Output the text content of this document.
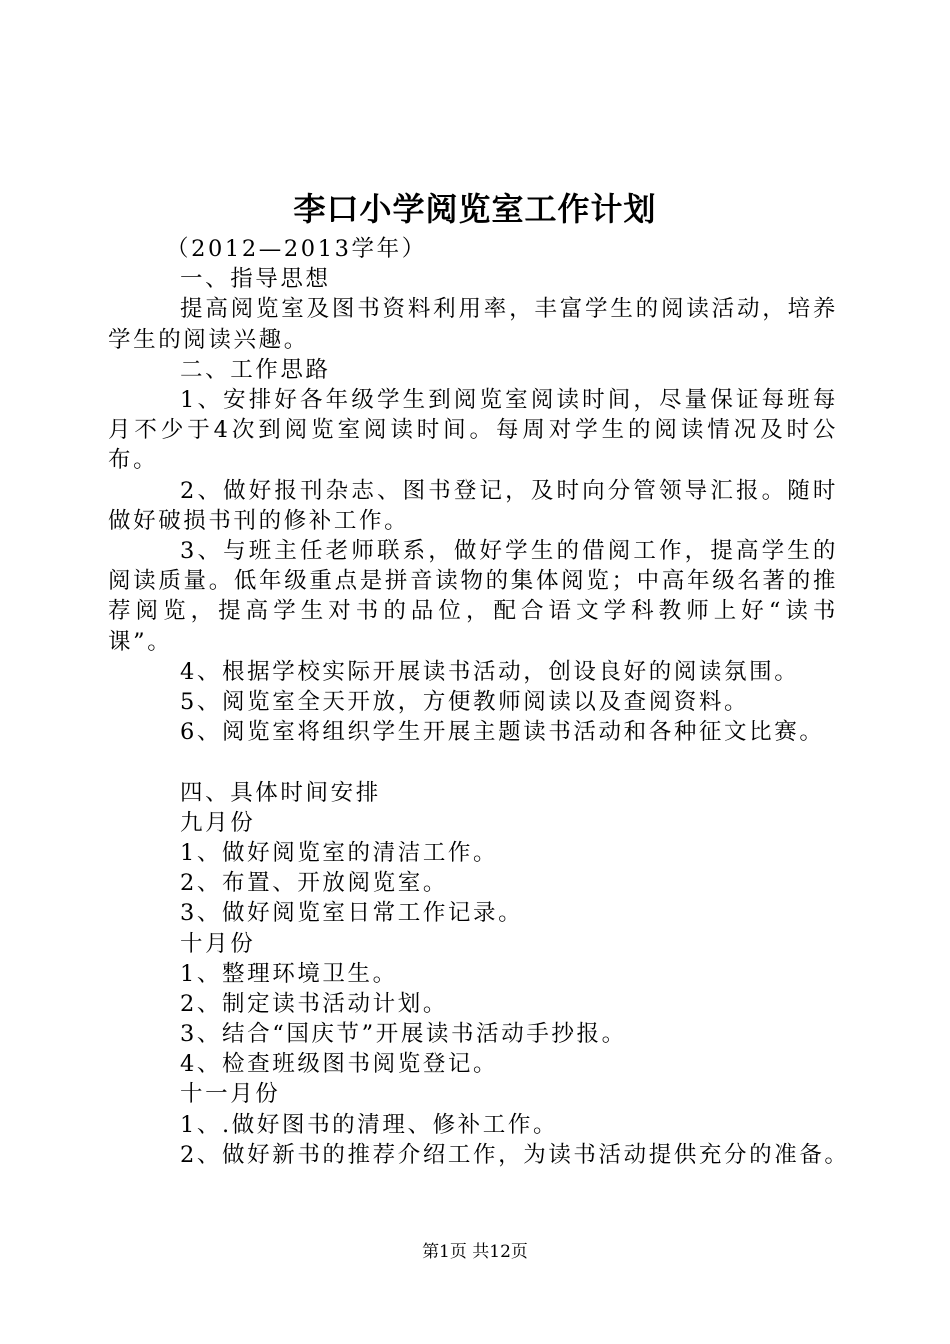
李口小学阅览室工作计划

（2012—2013学年）

一、指导思想

提高阅览室及图书资料利用率，丰富学生的阅读活动，培养学生的阅读兴趣。

二、工作思路

1、安排好各年级学生到阅览室阅读时间，尽量保证每班每月不少于4次到阅览室阅读时间。每周对学生的阅读情况及时公布。

2、做好报刊杂志、图书登记，及时向分管领导汇报。随时做好破损书刊的修补工作。

3、与班主任老师联系，做好学生的借阅工作，提高学生的阅读质量。低年级重点是拼音读物的集体阅览；中高年级名著的推荐阅览，提高学生对书的品位，配合语文学科教师上好“读书课”。

4、根据学校实际开展读书活动，创设良好的阅读氛围。

5、阅览室全天开放，方便教师阅读以及查阅资料。

6、阅览室将组织学生开展主题读书活动和各种征文比赛。

四、具体时间安排

九月份

1、做好阅览室的清洁工作。

2、布置、开放阅览室。

3、做好阅览室日常工作记录。

十月份

1、整理环境卫生。

2、制定读书活动计划。

3、结合“国庆节”开展读书活动手抄报。

4、检查班级图书阅览登记。

十一月份

1、.做好图书的清理、修补工作。

2、做好新书的推荐介绍工作，为读书活动提供充分的准备。

第1页 共12页
